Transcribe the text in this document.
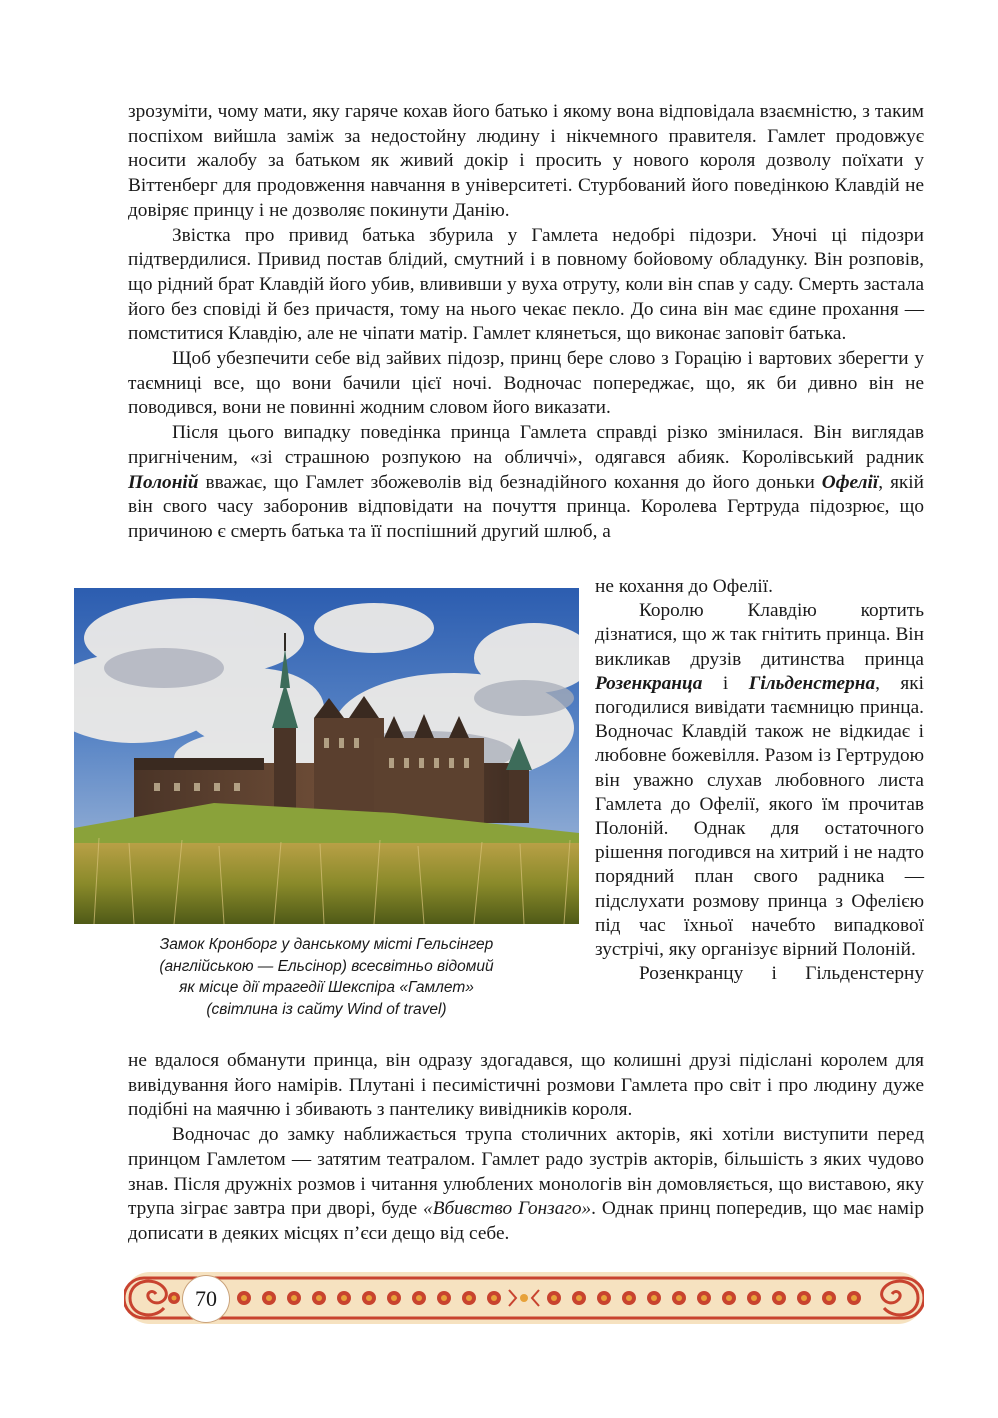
зрозуміти, чому мати, яку гаряче кохав його батько і якому вона відповідала взаємністю, з таким поспіхом вийшла заміж за недостойну людину і нікчемного правителя. Гамлет продовжує носити жалобу за батьком як живий докір і просить у нового короля дозволу поїхати у Віттенберг для продовження навчання в університеті. Стурбований його поведінкою Клавдій не довіряє принцу і не дозволяє покинути Данію.

Звістка про привид батька збурила у Гамлета недобрі підозри. Уночі ці підозри підтвердилися. Привид постав блідий, смутний і в повному бойовому обладунку. Він розповів, що рідний брат Клавдій його убив, влививши у вуха отруту, коли він спав у саду. Смерть застала його без сповіді й без причастя, тому на нього чекає пекло. До сина він має єдине прохання — помститися Клавдію, але не чіпати матір. Гамлет клянеться, що виконає заповіт батька.

Щоб убезпечити себе від зайвих підозр, принц бере слово з Горацію і вартових зберегти у таємниці все, що вони бачили цієї ночі. Водночас попереджає, що, як би дивно він не поводився, вони не повинні жодним словом його виказати.

Після цього випадку поведінка принца Гамлета справді різко змінилася. Він виглядав пригніченим, «зі страшною розпукою на обличчі», одягався абияк. Королівський радник Полоній вважає, що Гамлет збожеволів від безнадійного кохання до його доньки Офелії, якій він свого часу заборонив відповідати на почуття принца. Королева Гертруда підозрює, що причиною є смерть батька та її поспішний другий шлюб, а

Замок Кронборг у данському місті Гельсінгер
(англійською — Ельсінор) всесвітньо відомий
як місце дії трагедії Шекспіра «Гамлет»
(світлина із сайту Wind of travel)

не кохання до Офелії.

Королю Клавдію кортить дізнатися, що ж так гнітить принца. Він викликав друзів дитинства принца Розенкранца і Гільденстерна, які погодилися вивідати таємницю принца. Водночас Клавдій також не відкидає і любовне божевілля. Разом із Гертрудою він уважно слухав любовного листа Гамлета до Офелії, якого їм прочитав Полоній. Однак для остаточного рішення погодився на хитрий і не надто порядний план свого радника — підслухати розмову принца з Офелією під час їхньої начебто випадкової зустрічі, яку організує вірний Полоній.

Розенкранцу і Гільденстерну

не вдалося обманути принца, він одразу здогадався, що колишні друзі підіслані королем для вивідування його намірів. Плутані і песимістичні розмови Гамлета про світ і про людину дуже подібні на маячню і збивають з пантелику вивідників короля.

Водночас до замку наближається трупа столичних акторів, які хотіли виступити перед принцом Гамлетом — затятим театралом. Гамлет радо зустрів акторів, більшість з яких чудово знав. Після дружніх розмов і читання улюблених монологів він домовляється, що виставою, яку трупа зіграє завтра при дворі, буде «Вбивство Гонзаго». Однак принц попередив, що має намір дописати в деяких місцях п’єси дещо від себе.

70
